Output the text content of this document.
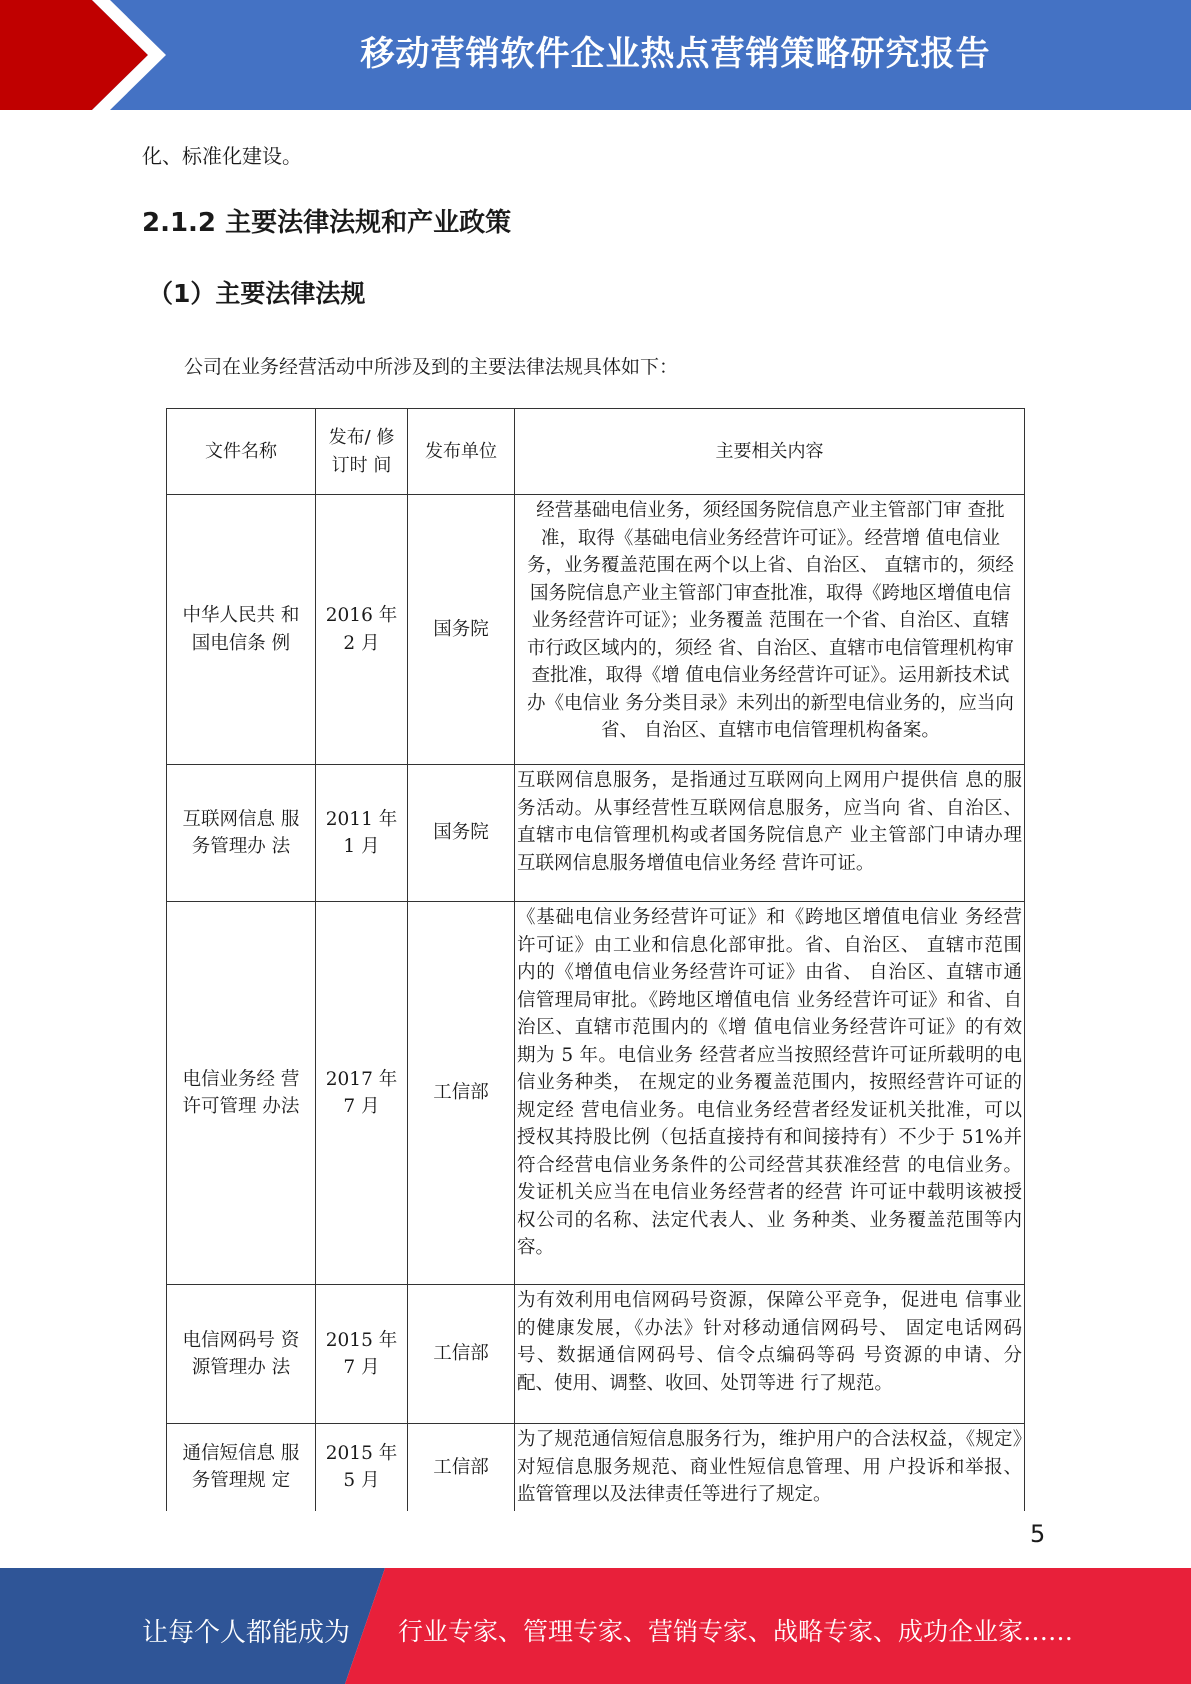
移动营销软件企业热点营销策略研究报告
化、标准化建设。
2.1.2 主要法律法规和产业政策
（1）主要法律法规
公司在业务经营活动中所涉及到的主要法律法规具体如下：
文件名称	发布/ 修订时 间	发布单位	主要相关内容
中华人民共 和国电信条 例	2016 年 2 月	国务院	经营基础电信业务，须经国务院信息产业主管部门审 查批准，取得《基础电信业务经营许可证》。经营增 值电信业务，业务覆盖范围在两个以上省、自治区、 直辖市的，须经国务院信息产业主管部门审查批准，取得《跨地区增值电信业务经营许可证》；业务覆盖 范围在一个省、自治区、直辖市行政区域内的，须经 省、自治区、直辖市电信管理机构审查批准，取得《增 值电信业务经营许可证》。运用新技术试办《电信业 务分类目录》未列出的新型电信业务的，应当向省、 自治区、直辖市电信管理机构备案。
互联网信息 服务管理办 法	2011 年 1 月	国务院	互联网信息服务，是指通过互联网向上网用户提供信 息的服务活动。从事经营性互联网信息服务，应当向 省、自治区、直辖市电信管理机构或者国务院信息产 业主管部门申请办理互联网信息服务增值电信业务经 营许可证。
电信业务经 营许可管理 办法	2017 年 7 月	工信部	《基础电信业务经营许可证》和《跨地区增值电信业 务经营许可证》由工业和信息化部审批。省、自治区、 直辖市范围内的《增值电信业务经营许可证》由省、 自治区、直辖市通信管理局审批。《跨地区增值电信 业务经营许可证》和省、自治区、直辖市范围内的《增 值电信业务经营许可证》的有效期为 5 年。电信业务 经营者应当按照经营许可证所载明的电信业务种类， 在规定的业务覆盖范围内，按照经营许可证的规定经 营电信业务。电信业务经营者经发证机关批准，可以 授权其持股比例（包括直接持有和间接持有）不少于 51%并符合经营电信业务条件的公司经营其获准经营 的电信业务。发证机关应当在电信业务经营者的经营 许可证中载明该被授权公司的名称、法定代表人、业 务种类、业务覆盖范围等内容。
电信网码号 资源管理办 法	2015 年 7 月	工信部	为有效利用电信网码号资源，保障公平竞争，促进电 信事业的健康发展，《办法》针对移动通信网码号、 固定电话网码号、数据通信网码号、信令点编码等码 号资源的申请、分配、使用、调整、收回、处罚等进 行了规范。
通信短信息 服务管理规 定	2015 年 5 月	工信部	为了规范通信短信息服务行为，维护用户的合法权益，《规定》对短信息服务规范、商业性短信息管理、用 户投诉和举报、监管管理以及法律责任等进行了规定。
5
让每个人都能成为 行业专家、管理专家、营销专家、战略专家、成功企业家……
